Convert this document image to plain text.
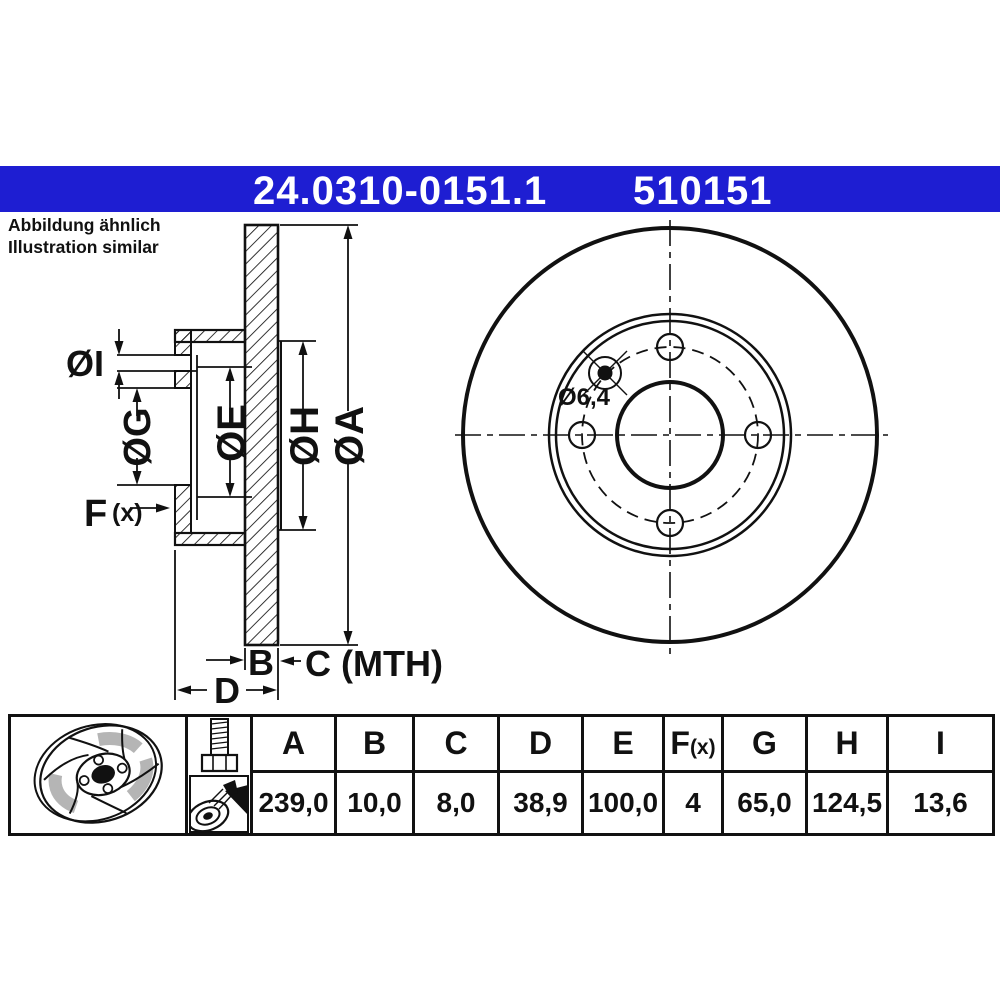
24.0310-0151.1 510151
Abbildung ähnlich
Illustration similar
ØI
ØG ØE ØH ØA
F (x)
B C (MTH)
D
Ø6,4

	A	B	C	D	E	F(x)	G	H	I
		239,0	10,0	8,0	38,9	100,0	4	65,0	124,5	13,6
